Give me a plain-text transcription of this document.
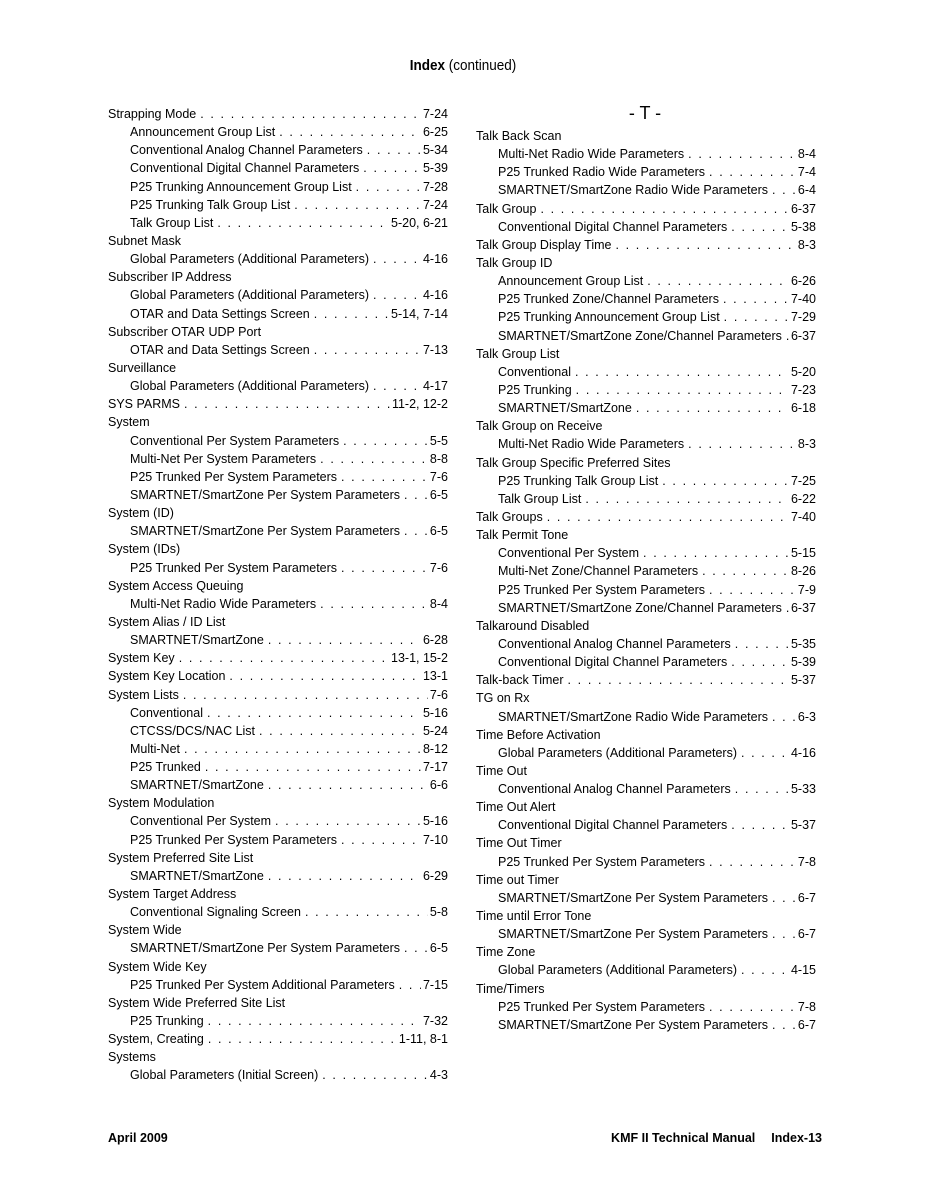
Index (continued)
Strapping Mode . . .	7-24
Announcement Group List . . .	6-25
Conventional Analog Channel Parameters . . .	5-34
Conventional Digital Channel Parameters . . .	5-39
P25 Trunking Announcement Group List . . .	7-28
P25 Trunking Talk Group List . . .	7-24
Talk Group List . . .	5-20, 6-21
Subnet Mask
Global Parameters (Additional Parameters) . . .	4-16
Subscriber IP Address
Global Parameters (Additional Parameters) . . .	4-16
OTAR and Data Settings Screen . . .	5-14, 7-14
Subscriber OTAR UDP Port
OTAR and Data Settings Screen . . .	7-13
Surveillance
Global Parameters (Additional Parameters) . . .	4-17
SYS PARMS . . .	11-2, 12-2
System
Conventional Per System Parameters . . .	5-5
Multi-Net Per System Parameters . . .	8-8
P25 Trunked Per System Parameters . . .	7-6
SMARTNET/SmartZone Per System Parameters . . . 6-5
System (ID)
SMARTNET/SmartZone Per System Parameters . . . 6-5
System (IDs)
P25 Trunked Per System Parameters . . .	7-6
System Access Queuing
Multi-Net Radio Wide Parameters . . .	8-4
System Alias / ID List
SMARTNET/SmartZone . . .	6-28
System Key . . .	13-1, 15-2
System Key Location . . .	13-1
System Lists . . .	7-6
Conventional . . .	5-16
CTCSS/DCS/NAC List . . .	5-24
Multi-Net . . .	8-12
P25 Trunked . . .	7-17
SMARTNET/SmartZone . . .	6-6
System Modulation
Conventional Per System . . .	5-16
P25 Trunked Per System Parameters . . .	7-10
System Preferred Site List
SMARTNET/SmartZone . . .	6-29
System Target Address
Conventional Signaling Screen . . .	5-8
System Wide
SMARTNET/SmartZone Per System Parameters . . . 6-5
System Wide Key
P25 Trunked Per System Additional Parameters . . . 7-15
System Wide Preferred Site List
P25 Trunking . . .	7-32
System, Creating . . .	1-11, 8-1
Systems
Global Parameters (Initial Screen) . . .	4-3
- T -
Talk Back Scan
Multi-Net Radio Wide Parameters . . .	8-4
P25 Trunked Radio Wide Parameters . . .	7-4
SMARTNET/SmartZone Radio Wide Parameters . . . 6-4
Talk Group . . .	6-37
Conventional Digital Channel Parameters . . .	5-38
Talk Group Display Time . . .	8-3
Talk Group ID
Announcement Group List . . .	6-26
P25 Trunked Zone/Channel Parameters . . .	7-40
P25 Trunking Announcement Group List . . .	7-29
SMARTNET/SmartZone Zone/Channel Parameters . . . 6-37
Talk Group List
Conventional . . .	5-20
P25 Trunking . . .	7-23
SMARTNET/SmartZone . . .	6-18
Talk Group on Receive
Multi-Net Radio Wide Parameters . . .	8-3
Talk Group Specific Preferred Sites
P25 Trunking Talk Group List . . .	7-25
Talk Group List . . .	6-22
Talk Groups . . .	7-40
Talk Permit Tone
Conventional Per System . . .	5-15
Multi-Net Zone/Channel Parameters . . .	8-26
P25 Trunked Per System Parameters . . .	7-9
SMARTNET/SmartZone Zone/Channel Parameters . . . 6-37
Talkaround Disabled
Conventional Analog Channel Parameters . . .	5-35
Conventional Digital Channel Parameters . . .	5-39
Talk-back Timer . . .	5-37
TG on Rx
SMARTNET/SmartZone Radio Wide Parameters . . . 6-3
Time Before Activation
Global Parameters (Additional Parameters) . . .	4-16
Time Out
Conventional Analog Channel Parameters . . .	5-33
Time Out Alert
Conventional Digital Channel Parameters . . .	5-37
Time Out Timer
P25 Trunked Per System Parameters . . .	7-8
Time out Timer
SMARTNET/SmartZone Per System Parameters . . . 6-7
Time until Error Tone
SMARTNET/SmartZone Per System Parameters . . . 6-7
Time Zone
Global Parameters (Additional Parameters) . . .	4-15
Time/Timers
P25 Trunked Per System Parameters . . .	7-8
SMARTNET/SmartZone Per System Parameters . . . 6-7
April 2009	KMF II Technical Manual Index-13
